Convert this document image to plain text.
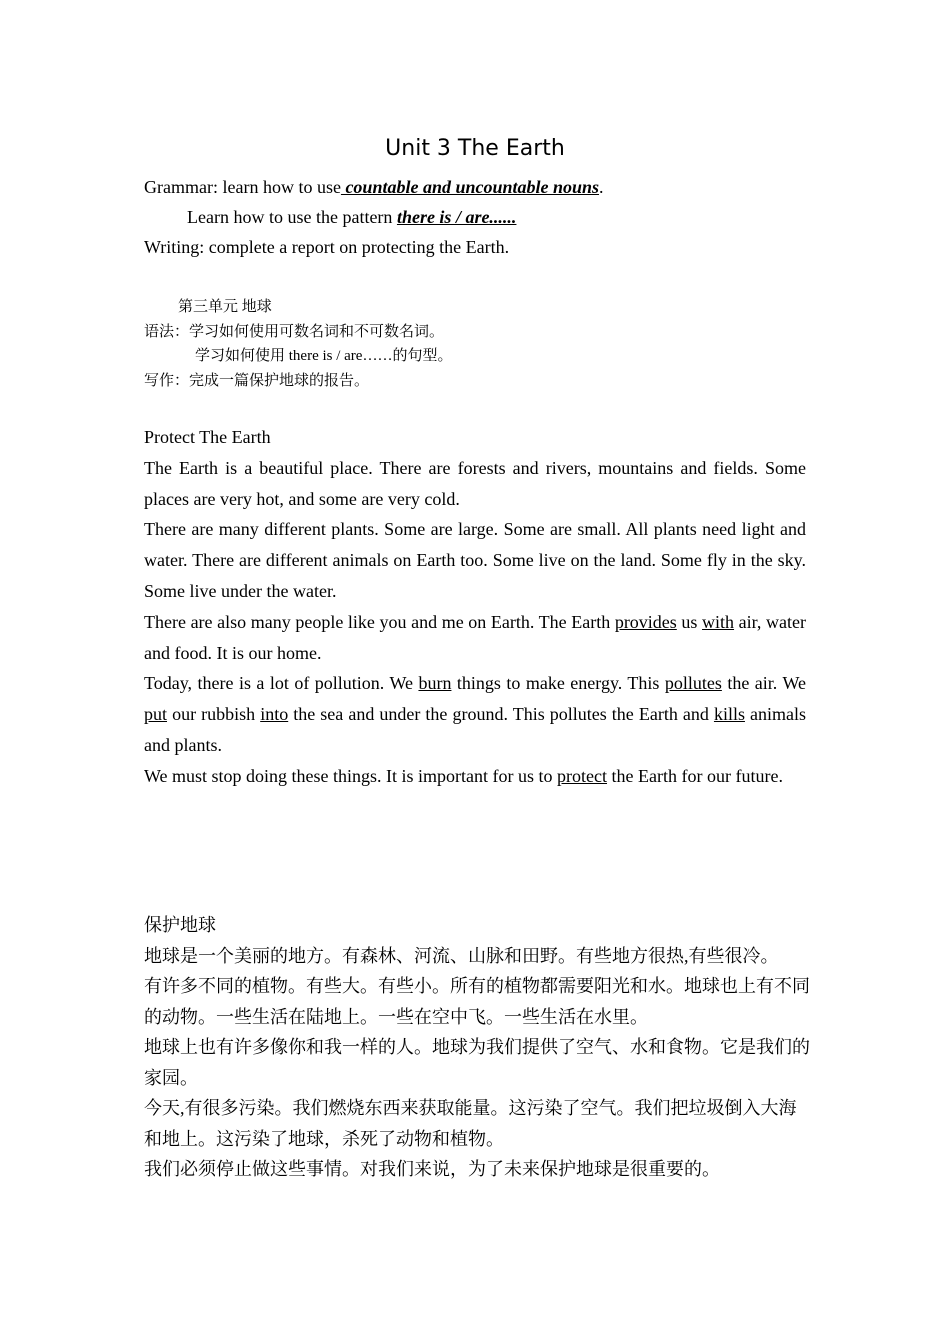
Unit 3 The Earth
Grammar: learn how to use countable and uncountable nouns.
Learn how to use the pattern there is / are......
Writing: complete a report on protecting the Earth.
第三单元 地球
语法：学习如何使用可数名词和不可数名词。
学习如何使用 there is / are……的句型。
写作：完成一篇保护地球的报告。

Protect The Earth

The Earth is a beautiful place. There are forests and rivers, mountains and fields. Some places are very hot, and some are very cold.

There are many different plants. Some are large. Some are small. All plants need light and water. There are different animals on Earth too. Some live on the land. Some fly in the sky. Some live under the water.

There are also many people like you and me on Earth. The Earth provides us with air, water and food. It is our home.

Today, there is a lot of pollution. We burn things to make energy. This pollutes the air. We put our rubbish into the sea and under the ground. This pollutes the Earth and kills animals and plants.

We must stop doing these things. It is important for us to protect the Earth for our future.

保护地球

地球是一个美丽的地方。有森林、河流、山脉和田野。有些地方很热,有些很冷。

有许多不同的植物。有些大。有些小。所有的植物都需要阳光和水。地球也上有不同的动物。一些生活在陆地上。一些在空中飞。一些生活在水里。

地球上也有许多像你和我一样的人。地球为我们提供了空气、水和食物。它是我们的家园。

今天,有很多污染。我们燃烧东西来获取能量。这污染了空气。我们把垃圾倒入大海和地上。这污染了地球，杀死了动物和植物。

我们必须停止做这些事情。对我们来说，为了未来保护地球是很重要的。
